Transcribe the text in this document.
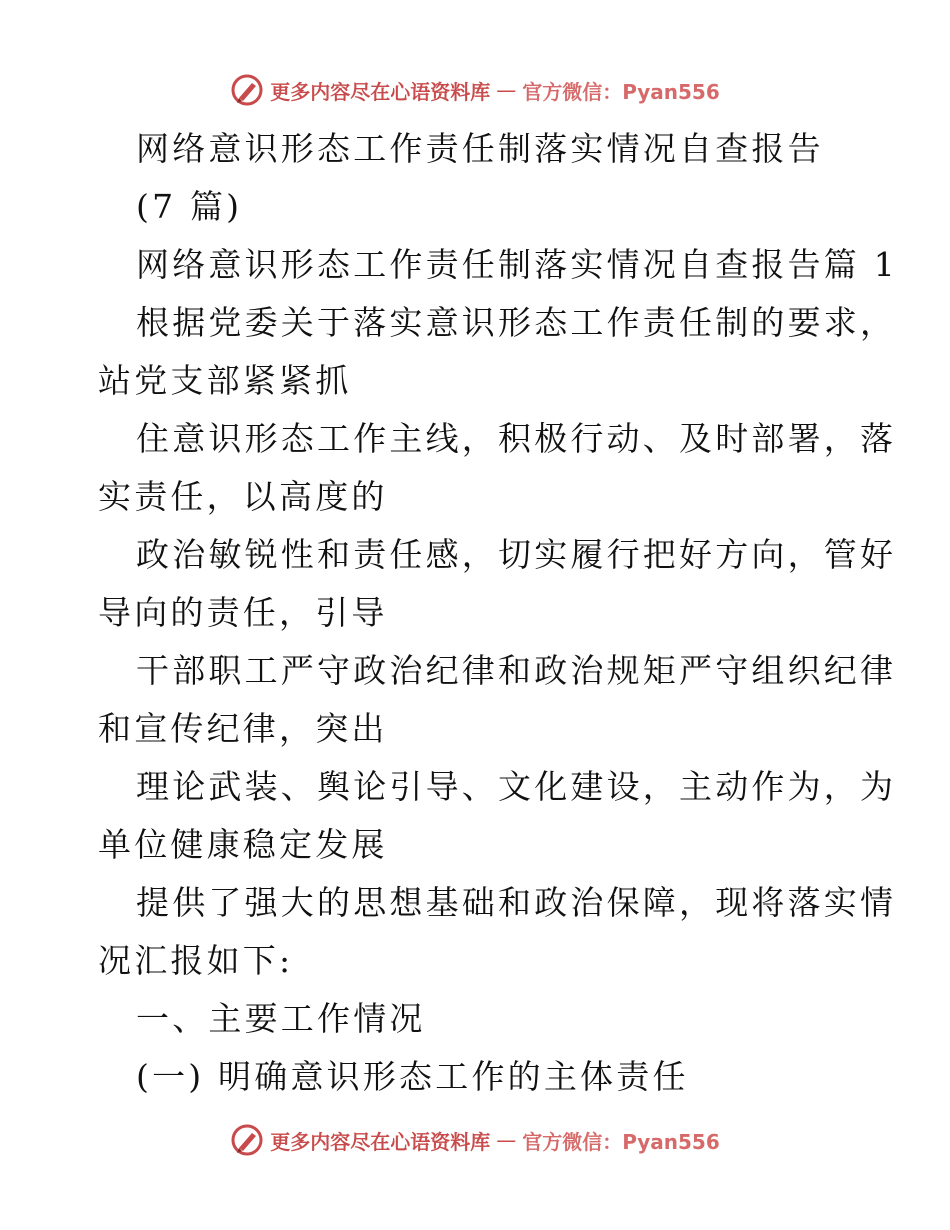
更多内容尽在心语资料库 — 官方微信：Pyan556
网络意识形态工作责任制落实情况自查报告
(7 篇)
网络意识形态工作责任制落实情况自查报告篇 1
根据党委关于落实意识形态工作责任制的要求，
站党支部紧紧抓
住意识形态工作主线，积极行动、及时部署，落
实责任，以高度的
政治敏锐性和责任感，切实履行把好方向，管好
导向的责任，引导
干部职工严守政治纪律和政治规矩严守组织纪律
和宣传纪律，突出
理论武装、舆论引导、文化建设，主动作为，为
单位健康稳定发展
提供了强大的思想基础和政治保障，现将落实情
况汇报如下:
一、主要工作情况
(一) 明确意识形态工作的主体责任
更多内容尽在心语资料库 — 官方微信：Pyan556
